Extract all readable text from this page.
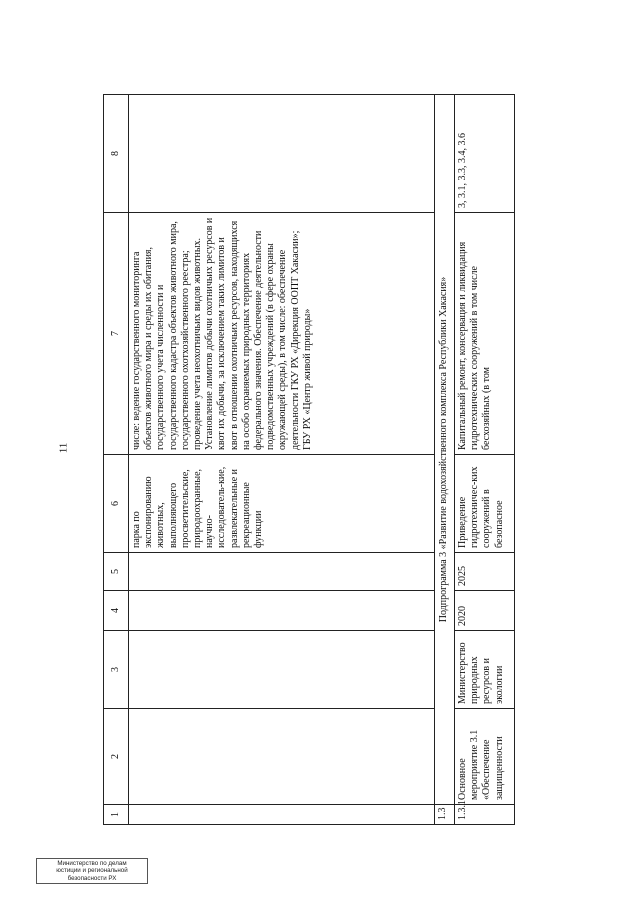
11
1	2	3	4	5	6	7	8
					парка по экспонированию животных, выполняющего просветительские, природоохранные, научно-исследователь-кие, развлекательные и рекреационные функции	числе: ведение государственного мониторинга объектов животного мира и среды их обитания, государственного учета численности и государственного кадастра объектов животного мира, государственного охотхозяйственного реестра; проведение учета неохотничьих видов животных. Установление лимитов добычи охотничьих ресурсов и квот их добычи, за исключением таких лимитов и квот в отношении охотничьих ресурсов, находящихся на особо охраняемых природных территориях федерального значения. Обеспечение деятельности подведомственных учреждений (в сфере охраны окружающей среды), в том числе: обеспечение деятельности ГКУ РХ «Дирекция ООПТ Хакасии»; ГБУ РХ «Центр живой природы»	
1.3	Подпрограмма 3 «Развитие водохозяйственного комплекса Республики Хакасия»						
1.3.1	Основное мероприятие 3.1 «Обеспечение защищенности	Министерство природных ресурсов и экологии	2020	2025	Приведение гидротехничес-ких сооружений в безопасное	Капитальный ремонт, консервация и ликвидация гидротехнических сооружений в том числе бесхозяйных (в том	3, 3.1, 3.3, 3.4, 3.6
Министерство по делам
юстиции и региональной
безопасности РХ
